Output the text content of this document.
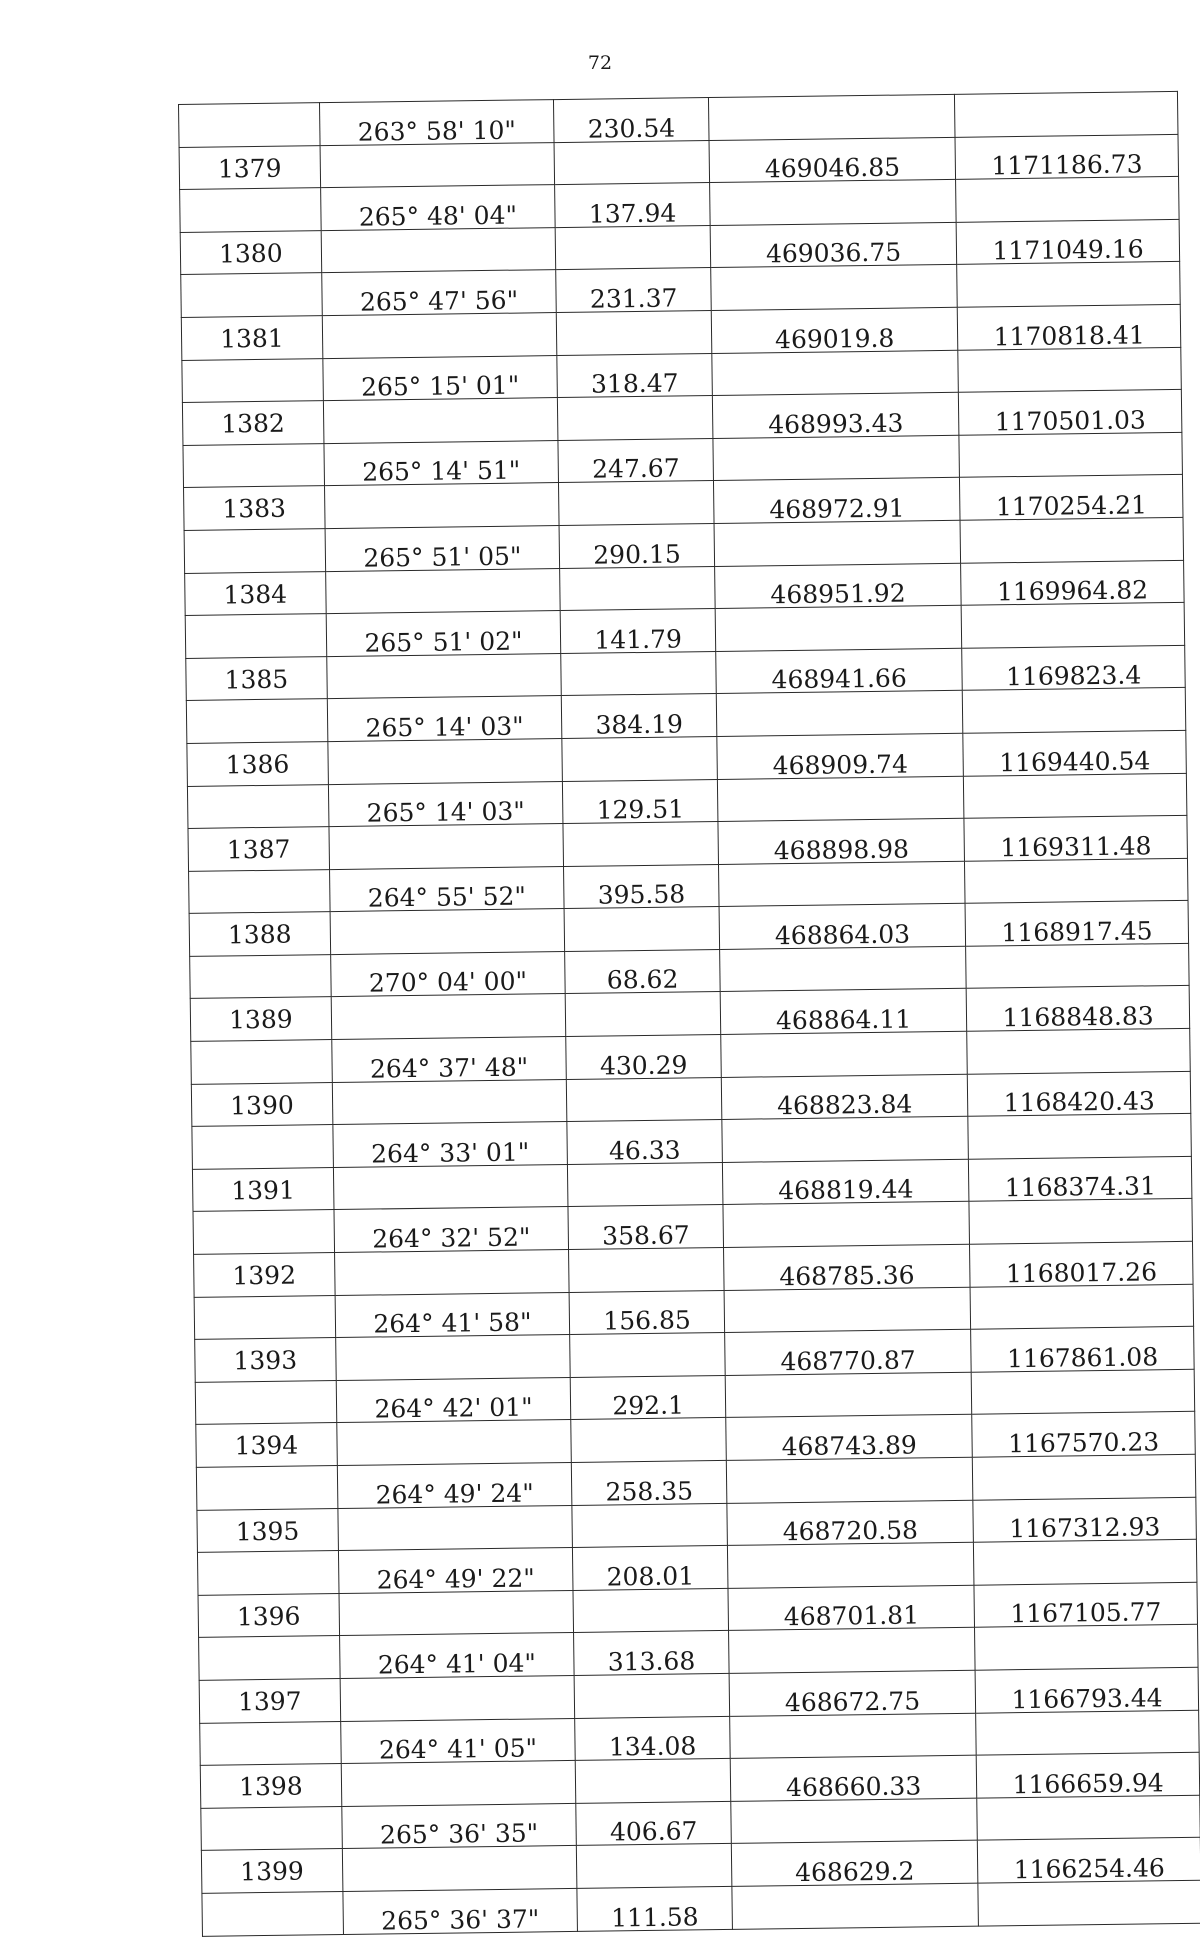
72
	263° 58' 10"	230.54		
1379			469046.85	1171186.73
	265° 48' 04"	137.94		
1380			469036.75	1171049.16
	265° 47' 56"	231.37		
1381			469019.8	1170818.41
	265° 15' 01"	318.47		
1382			468993.43	1170501.03
	265° 14' 51"	247.67		
1383			468972.91	1170254.21
	265° 51' 05"	290.15		
1384			468951.92	1169964.82
	265° 51' 02"	141.79		
1385			468941.66	1169823.4
	265° 14' 03"	384.19		
1386			468909.74	1169440.54
	265° 14' 03"	129.51		
1387			468898.98	1169311.48
	264° 55' 52"	395.58		
1388			468864.03	1168917.45
	270° 04' 00"	68.62		
1389			468864.11	1168848.83
	264° 37' 48"	430.29		
1390			468823.84	1168420.43
	264° 33' 01"	46.33		
1391			468819.44	1168374.31
	264° 32' 52"	358.67		
1392			468785.36	1168017.26
	264° 41' 58"	156.85		
1393			468770.87	1167861.08
	264° 42' 01"	292.1		
1394			468743.89	1167570.23
	264° 49' 24"	258.35		
1395			468720.58	1167312.93
	264° 49' 22"	208.01		
1396			468701.81	1167105.77
	264° 41' 04"	313.68		
1397			468672.75	1166793.44
	264° 41' 05"	134.08		
1398			468660.33	1166659.94
	265° 36' 35"	406.67		
1399			468629.2	1166254.46
	265° 36' 37"	111.58		
